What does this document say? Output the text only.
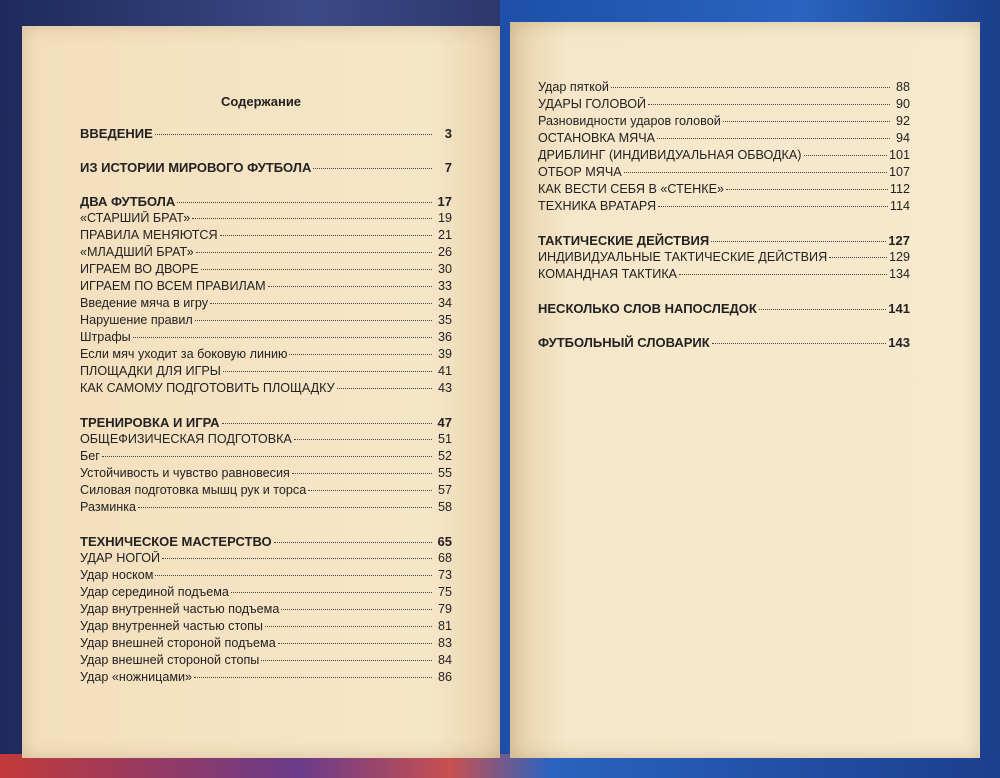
Содержание
ВВЕДЕНИЕ	3
ИЗ ИСТОРИИ МИРОВОГО ФУТБОЛА	7
ДВА ФУТБОЛА	17
«СТАРШИЙ БРАТ»	19
ПРАВИЛА МЕНЯЮТСЯ	21
«МЛАДШИЙ БРАТ»	26
ИГРАЕМ ВО ДВОРЕ	30
ИГРАЕМ ПО ВСЕМ ПРАВИЛАМ	33
Введение мяча в игру	34
Нарушение правил	35
Штрафы	36
Если мяч уходит за боковую линию	39
ПЛОЩАДКИ ДЛЯ ИГРЫ	41
КАК САМОМУ ПОДГОТОВИТЬ ПЛОЩАДКУ	43
ТРЕНИРОВКА И ИГРА	47
ОБЩЕФИЗИЧЕСКАЯ ПОДГОТОВКА	51
Бег	52
Устойчивость и чувство равновесия	55
Силовая подготовка мышц рук и торса	57
Разминка	58
ТЕХНИЧЕСКОЕ МАСТЕРСТВО	65
УДАР НОГОЙ	68
Удар носком	73
Удар серединой подъема	75
Удар внутренней частью подъема	79
Удар внутренней частью стопы	81
Удар внешней стороной подъема	83
Удар внешней стороной стопы	84
Удар «ножницами»	86
Удар пяткой	88
УДАРЫ ГОЛОВОЙ	90
Разновидности ударов головой	92
ОСТАНОВКА МЯЧА	94
ДРИБЛИНГ (ИНДИВИДУАЛЬНАЯ ОБВОДКА)	101
ОТБОР МЯЧА	107
КАК ВЕСТИ СЕБЯ В «СТЕНКЕ»	112
ТЕХНИКА ВРАТАРЯ	114
ТАКТИЧЕСКИЕ ДЕЙСТВИЯ	127
ИНДИВИДУАЛЬНЫЕ ТАКТИЧЕСКИЕ ДЕЙСТВИЯ	129
КОМАНДНАЯ ТАКТИКА	134
НЕСКОЛЬКО СЛОВ НАПОСЛЕДОК	141
ФУТБОЛЬНЫЙ СЛОВАРИК	143
